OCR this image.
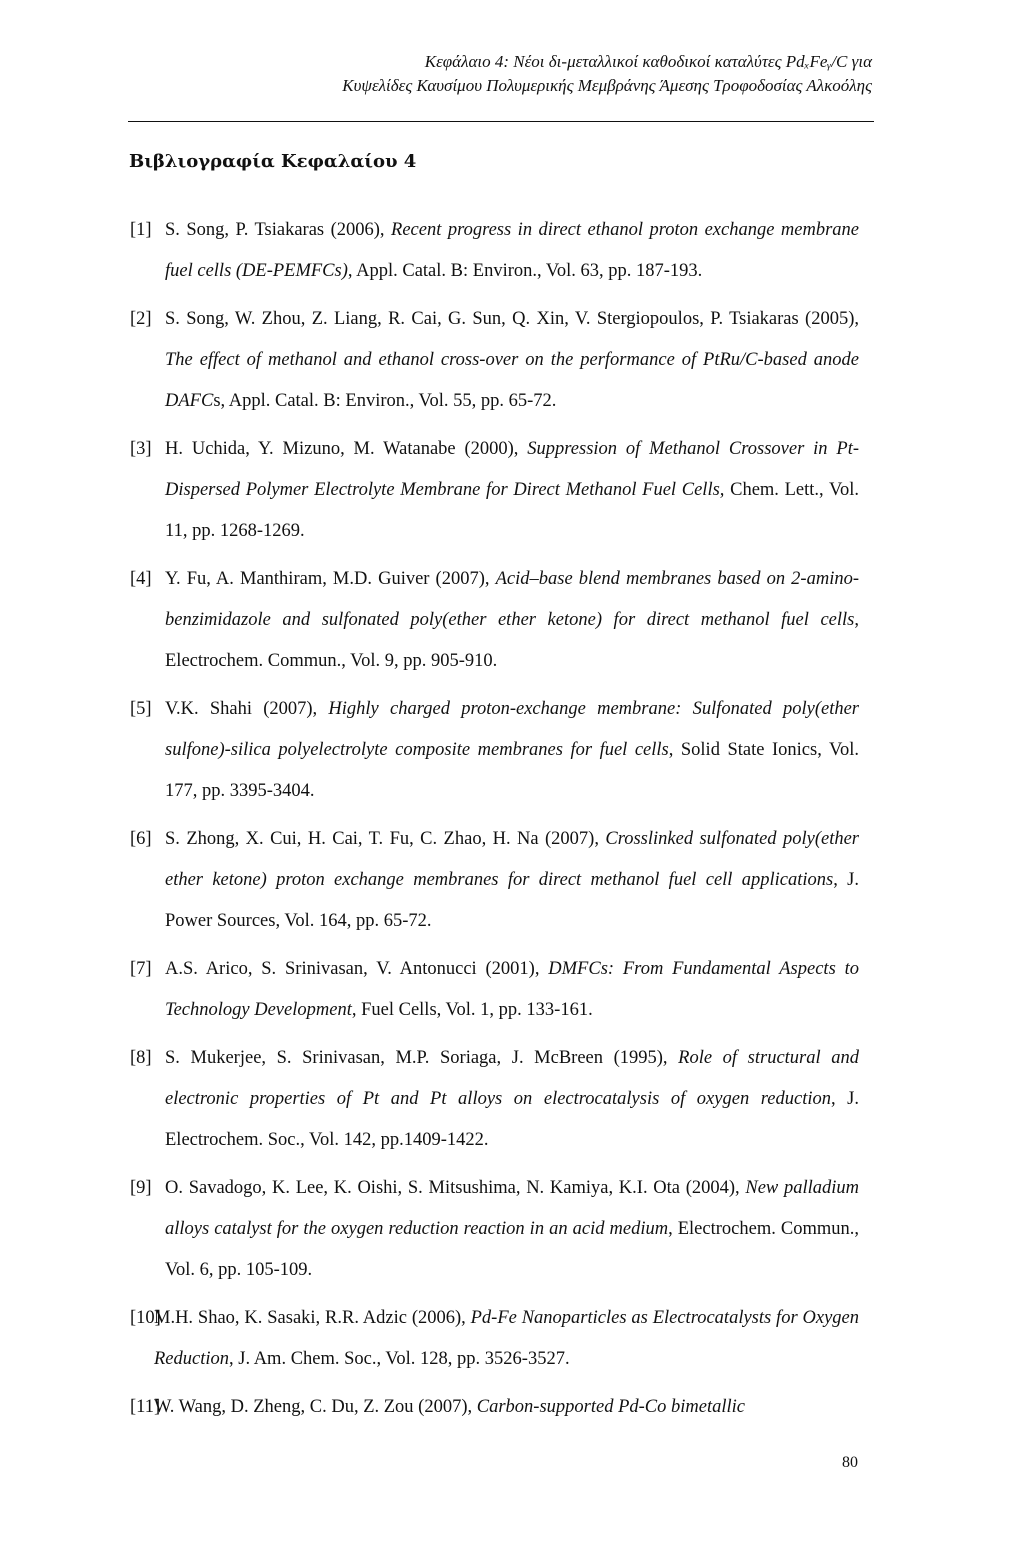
Κεφάλαιο 4: Νέοι δι-μεταλλικοί καθοδικοί καταλύτες PdₓFeᵧ/C για
Κυψελίδες Καυσίμου Πολυμερικής Μεμβράνης Άμεσης Τροφοδοσίας Αλκοόλης
Βιβλιογραφία Κεφαλαίου 4
[1] S. Song, P. Tsiakaras (2006), Recent progress in direct ethanol proton exchange membrane fuel cells (DE-PEMFCs), Appl. Catal. B: Environ., Vol. 63, pp. 187-193.
[2] S. Song, W. Zhou, Z. Liang, R. Cai, G. Sun, Q. Xin, V. Stergiopoulos, P. Tsiakaras (2005), The effect of methanol and ethanol cross-over on the performance of PtRu/C-based anode DAFCs, Appl. Catal. B: Environ., Vol. 55, pp. 65-72.
[3] H. Uchida, Y. Mizuno, M. Watanabe (2000), Suppression of Methanol Crossover in Pt-Dispersed Polymer Electrolyte Membrane for Direct Methanol Fuel Cells, Chem. Lett., Vol. 11, pp. 1268-1269.
[4] Y. Fu, A. Manthiram, M.D. Guiver (2007), Acid–base blend membranes based on 2-amino-benzimidazole and sulfonated poly(ether ether ketone) for direct methanol fuel cells, Electrochem. Commun., Vol. 9, pp. 905-910.
[5] V.K. Shahi (2007), Highly charged proton-exchange membrane: Sulfonated poly(ether sulfone)-silica polyelectrolyte composite membranes for fuel cells, Solid State Ionics, Vol. 177, pp. 3395-3404.
[6] S. Zhong, X. Cui, H. Cai, T. Fu, C. Zhao, H. Na (2007), Crosslinked sulfonated poly(ether ether ketone) proton exchange membranes for direct methanol fuel cell applications, J. Power Sources, Vol. 164, pp. 65-72.
[7] A.S. Arico, S. Srinivasan, V. Antonucci (2001), DMFCs: From Fundamental Aspects to Technology Development, Fuel Cells, Vol. 1, pp. 133-161.
[8] S. Mukerjee, S. Srinivasan, M.P. Soriaga, J. McBreen (1995), Role of structural and electronic properties of Pt and Pt alloys on electrocatalysis of oxygen reduction, J. Electrochem. Soc., Vol. 142, pp.1409-1422.
[9] O. Savadogo, K. Lee, K. Oishi, S. Mitsushima, N. Kamiya, K.I. Ota (2004), New palladium alloys catalyst for the oxygen reduction reaction in an acid medium, Electrochem. Commun., Vol. 6, pp. 105-109.
[10]
M.H. Shao, K. Sasaki, R.R. Adzic (2006), Pd-Fe Nanoparticles as Electrocatalysts for Oxygen Reduction, J. Am. Chem. Soc., Vol. 128, pp. 3526-3527.
[11]
W. Wang, D. Zheng, C. Du, Z. Zou (2007), Carbon-supported Pd-Co bimetallic
80
